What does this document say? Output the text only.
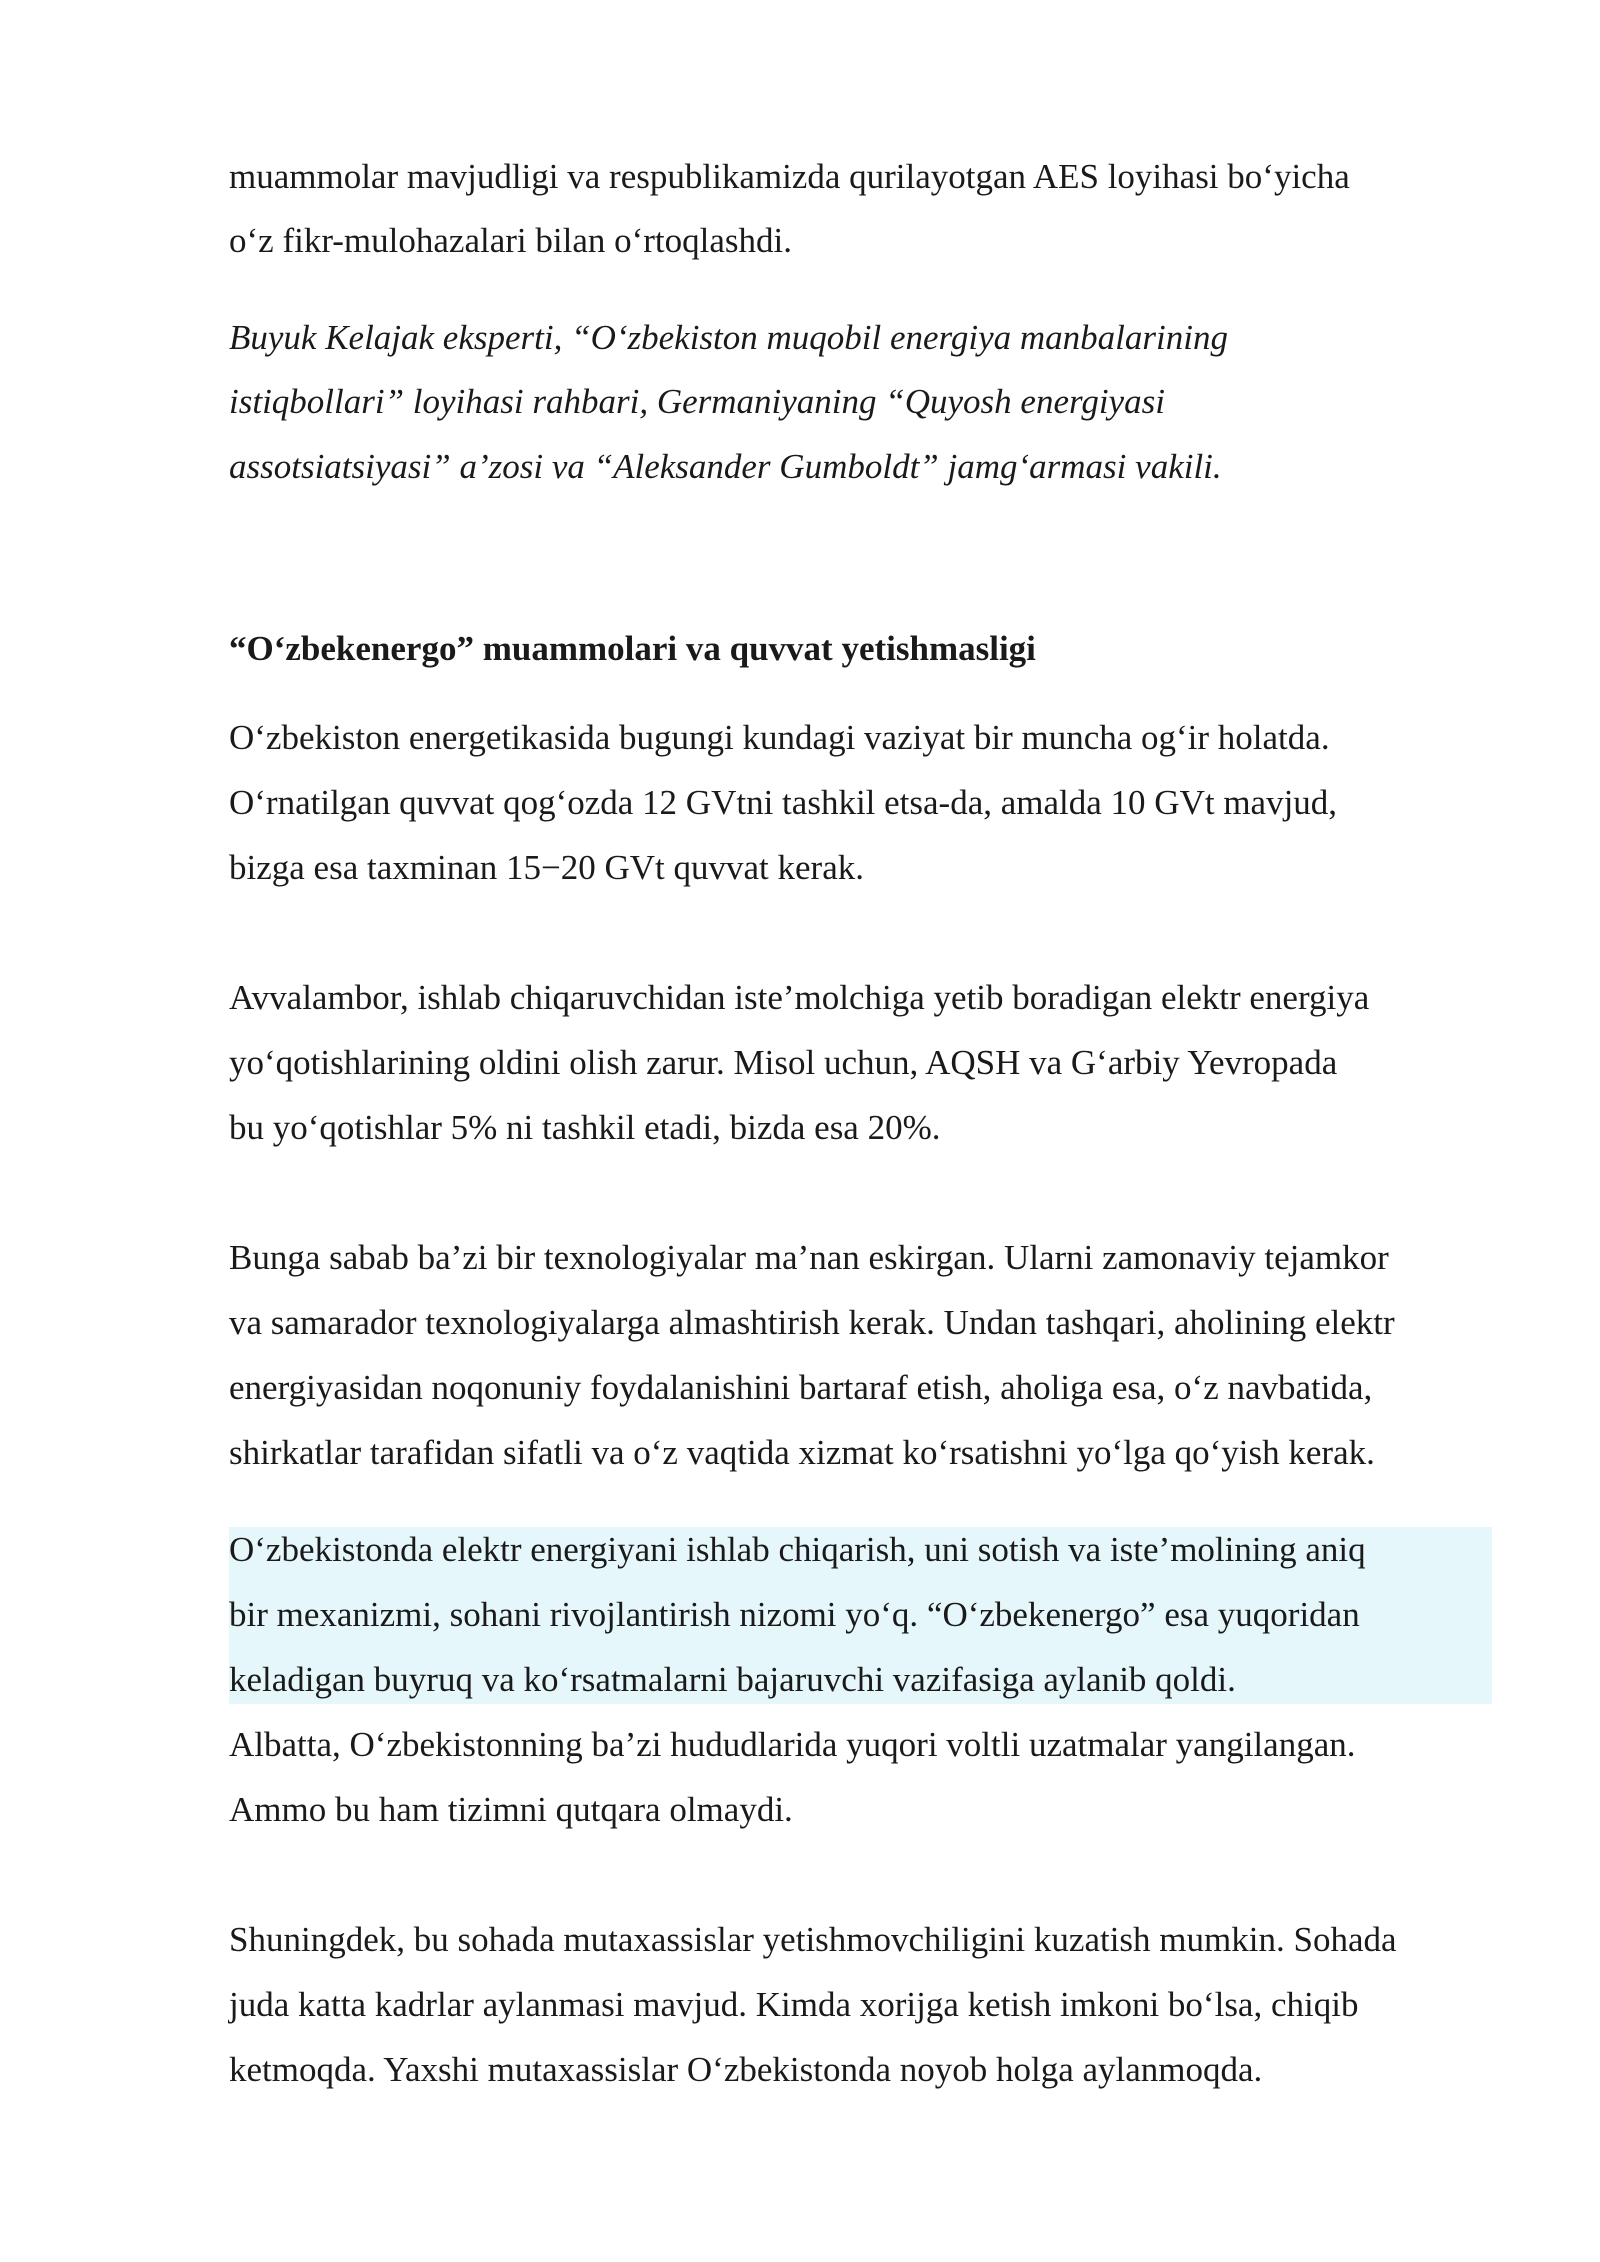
muammolar mavjudligi va respublikamizda qurilayotgan AES loyihasi bo‘yicha
o‘z fikr-mulohazalari bilan o‘rtoqlashdi.
Buyuk Kelajak eksperti, “O‘zbekiston muqobil energiya manbalarining
istiqbollari” loyihasi rahbari, Germaniyaning “Quyosh energiyasi
assotsiatsiyasi” a’zosi va “Aleksander Gumboldt” jamg‘armasi vakili.
“O‘zbekenergo” muammolari va quvvat yetishmasligi
O‘zbekiston energetikasida bugungi kundagi vaziyat bir muncha og‘ir holatda.
O‘rnatilgan quvvat qog‘ozda 12 GVtni tashkil etsa-da, amalda 10 GVt mavjud,
bizga esa taxminan 15−20 GVt quvvat kerak.
Avvalambor, ishlab chiqaruvchidan iste’molchiga yetib boradigan elektr energiya
yo‘qotishlarining oldini olish zarur. Misol uchun, AQSH va G‘arbiy Yevropada
bu yo‘qotishlar 5% ni tashkil etadi, bizda esa 20%.
Bunga sabab ba’zi bir texnologiyalar ma’nan eskirgan. Ularni zamonaviy tejamkor
va samarador texnologiyalarga almashtirish kerak. Undan tashqari, aholining elektr
energiyasidan noqonuniy foydalanishini bartaraf etish, aholiga esa, o‘z navbatida,
shirkatlar tarafidan sifatli va o‘z vaqtida xizmat ko‘rsatishni yo‘lga qo‘yish kerak.
O‘zbekistonda elektr energiyani ishlab chiqarish, uni sotish va iste’molining aniq
bir mexanizmi, sohani rivojlantirish nizomi yo‘q. “O‘zbekenergo” esa yuqoridan
keladigan buyruq va ko‘rsatmalarni bajaruvchi vazifasiga aylanib qoldi.
Albatta, O‘zbekistonning ba’zi hududlarida yuqori voltli uzatmalar yangilangan.
Ammo bu ham tizimni qutqara olmaydi.
Shuningdek, bu sohada mutaxassislar yetishmovchiligini kuzatish mumkin. Sohada
juda katta kadrlar aylanmasi mavjud. Kimda xorijga ketish imkoni bo‘lsa, chiqib
ketmoqda. Yaxshi mutaxassislar O‘zbekistonda noyob holga aylanmoqda.
